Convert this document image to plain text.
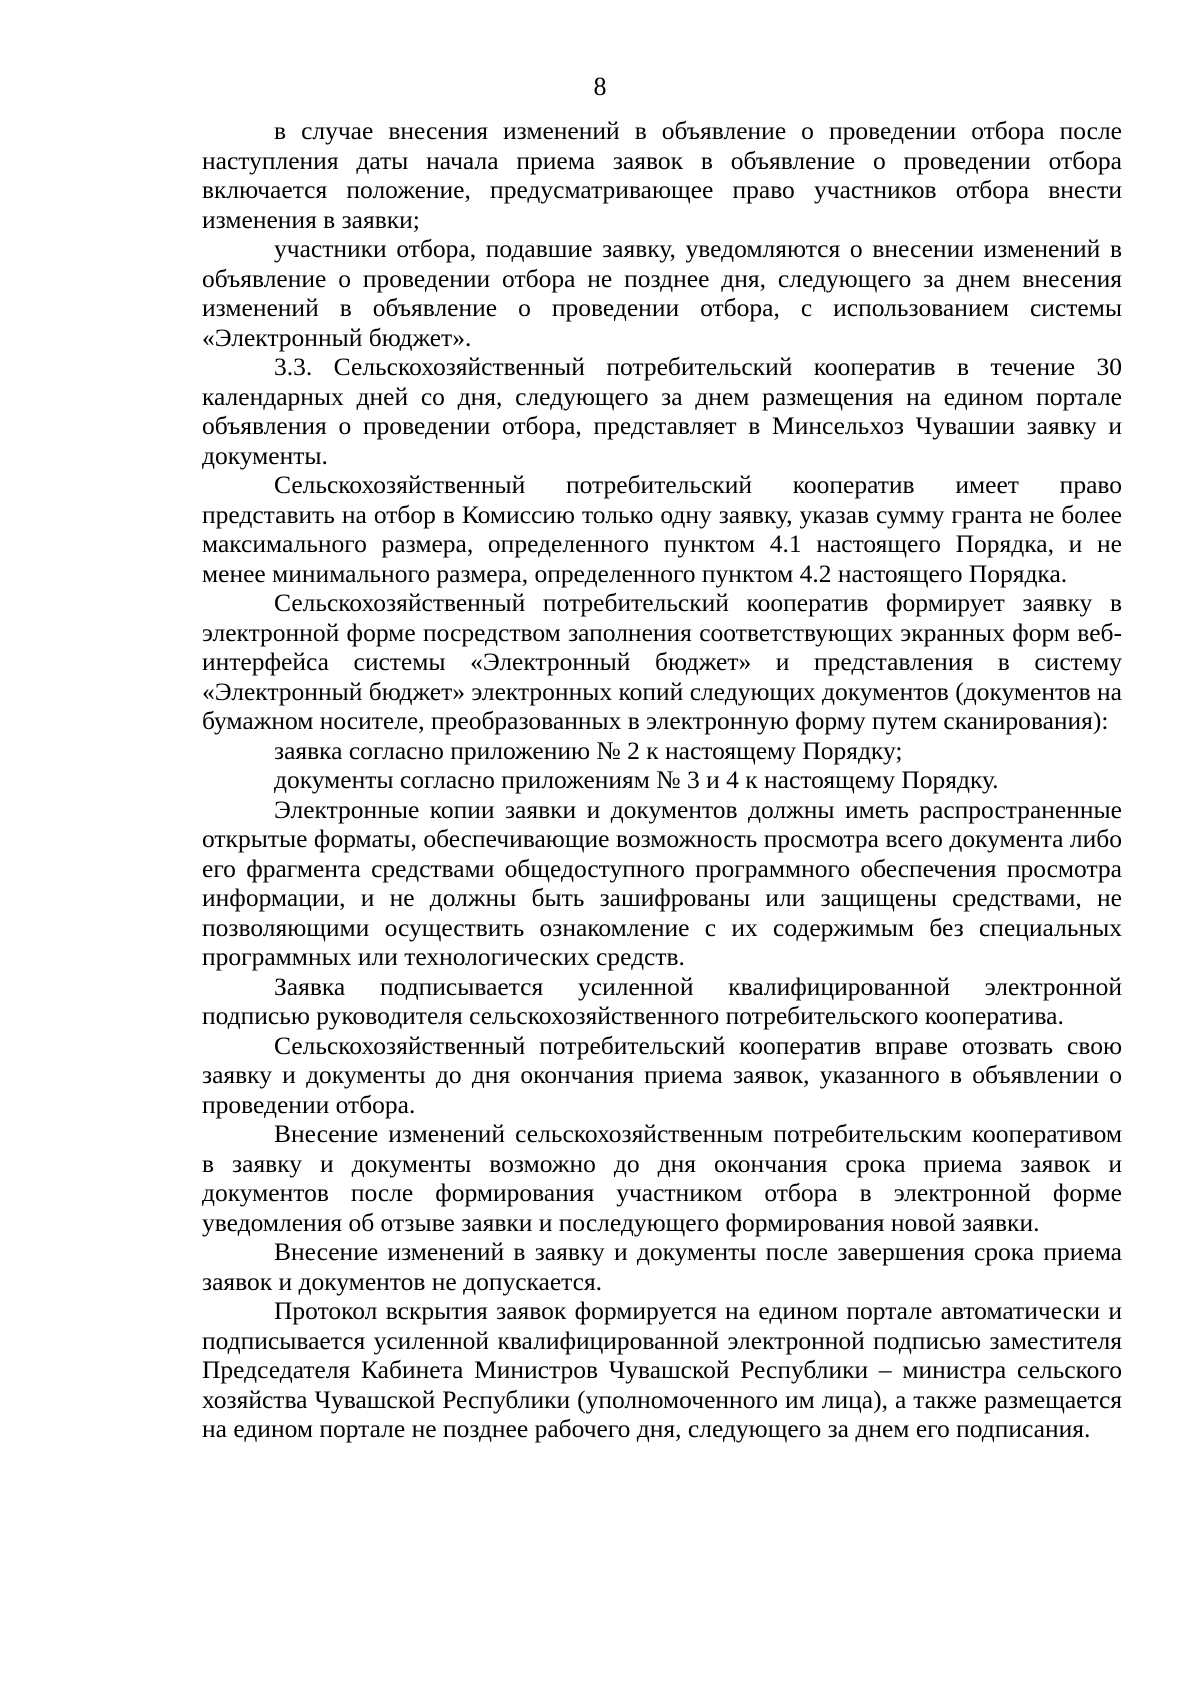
8

в случае внесения изменений в объявление о проведении отбора после наступления даты начала приема заявок в объявление о проведении отбора включается положение, предусматривающее право участников отбора внести изменения в заявки;

участники отбора, подавшие заявку, уведомляются о внесении изменений в объявление о проведении отбора не позднее дня, следующего за днем внесения изменений в объявление о проведении отбора, с использованием системы «Электронный бюджет».

3.3. Сельскохозяйственный потребительский кооператив в течение 30 календарных дней со дня, следующего за днем размещения на едином портале объявления о проведении отбора, представляет в Минсельхоз Чувашии заявку и документы.

Сельскохозяйственный потребительский кооператив имеет право представить на отбор в Комиссию только одну заявку, указав сумму гранта не более максимального размера, определенного пунктом 4.1 настоящего Порядка, и не менее минимального размера, определенного пунктом 4.2 настоящего Порядка.

Сельскохозяйственный потребительский кооператив формирует заявку в электронной форме посредством заполнения соответствующих экранных форм веб-интерфейса системы «Электронный бюджет» и представления в систему «Электронный бюджет» электронных копий следующих документов (документов на бумажном носителе, преобразованных в электронную форму путем сканирования):

заявка согласно приложению № 2 к настоящему Порядку;

документы согласно приложениям № 3 и 4 к настоящему Порядку.

Электронные копии заявки и документов должны иметь распространенные открытые форматы, обеспечивающие возможность просмотра всего документа либо его фрагмента средствами общедоступного программного обеспечения просмотра информации, и не должны быть зашифрованы или защищены средствами, не позволяющими осуществить ознакомление с их содержимым без специальных программных или технологических средств.

Заявка подписывается усиленной квалифицированной электронной подписью руководителя сельскохозяйственного потребительского кооператива.

Сельскохозяйственный потребительский кооператив вправе отозвать свою заявку и документы до дня окончания приема заявок, указанного в объявлении о проведении отбора.

Внесение изменений сельскохозяйственным потребительским кооперативом в заявку и документы возможно до дня окончания срока приема заявок и документов после формирования участником отбора в электронной форме уведомления об отзыве заявки и последующего формирования новой заявки.

Внесение изменений в заявку и документы после завершения срока приема заявок и документов не допускается.

Протокол вскрытия заявок формируется на едином портале автоматически и подписывается усиленной квалифицированной электронной подписью заместителя Председателя Кабинета Министров Чувашской Республики – министра сельского хозяйства Чувашской Республики (уполномоченного им лица), а также размещается на едином портале не позднее рабочего дня, следующего за днем его подписания.
